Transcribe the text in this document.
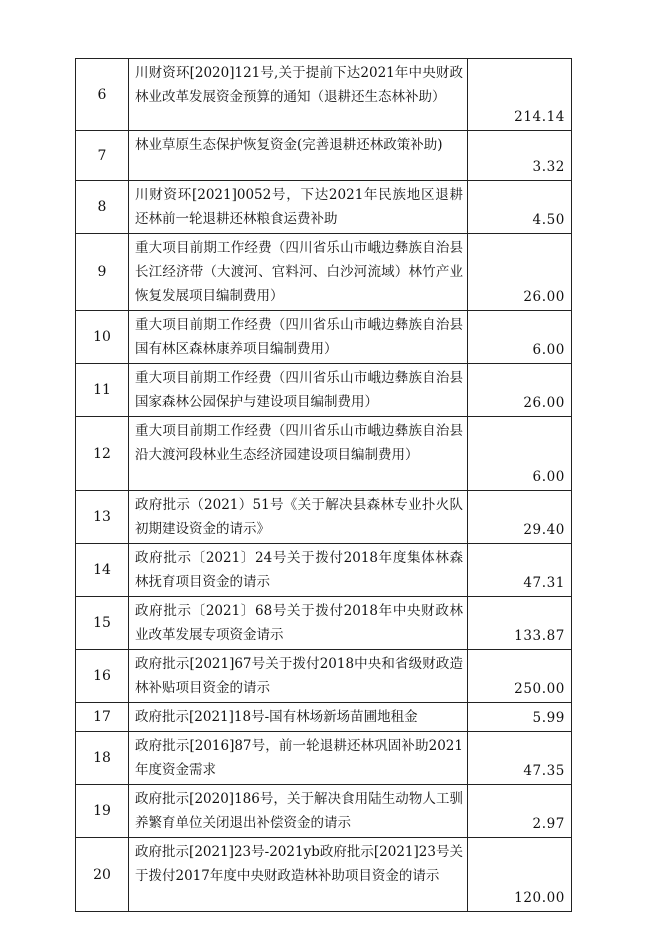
6	川财资环[2020]121号,关于提前下达2021年中央财政林业改革发展资金预算的通知（退耕还生态林补助）	214.14
7	林业草原生态保护恢复资金(完善退耕还林政策补助)	3.32
8	川财资环[2021]0052号，下达2021年民族地区退耕还林前一轮退耕还林粮食运费补助	4.50
9	重大项目前期工作经费（四川省乐山市峨边彝族自治县长江经济带（大渡河、官料河、白沙河流域）林竹产业恢复发展项目编制费用）	26.00
10	重大项目前期工作经费（四川省乐山市峨边彝族自治县国有林区森林康养项目编制费用）	6.00
11	重大项目前期工作经费（四川省乐山市峨边彝族自治县国家森林公园保护与建设项目编制费用）	26.00
12	重大项目前期工作经费（四川省乐山市峨边彝族自治县沿大渡河段林业生态经济园建设项目编制费用）	6.00
13	政府批示（2021）51号《关于解决县森林专业扑火队初期建设资金的请示》	29.40
14	政府批示〔2021〕24号关于拨付2018年度集体林森林抚育项目资金的请示	47.31
15	政府批示〔2021〕68号关于拨付2018年中央财政林业改革发展专项资金请示	133.87
16	政府批示[2021]67号关于拨付2018中央和省级财政造林补贴项目资金的请示	250.00
17	政府批示[2021]18号-国有林场新场苗圃地租金	5.99
18	政府批示[2016]87号，前一轮退耕还林巩固补助2021年度资金需求	47.35
19	政府批示[2020]186号，关于解决食用陆生动物人工驯养繁育单位关闭退出补偿资金的请示	2.97
20	政府批示[2021]23号-2021yb政府批示[2021]23号关于拨付2017年度中央财政造林补助项目资金的请示	120.00
